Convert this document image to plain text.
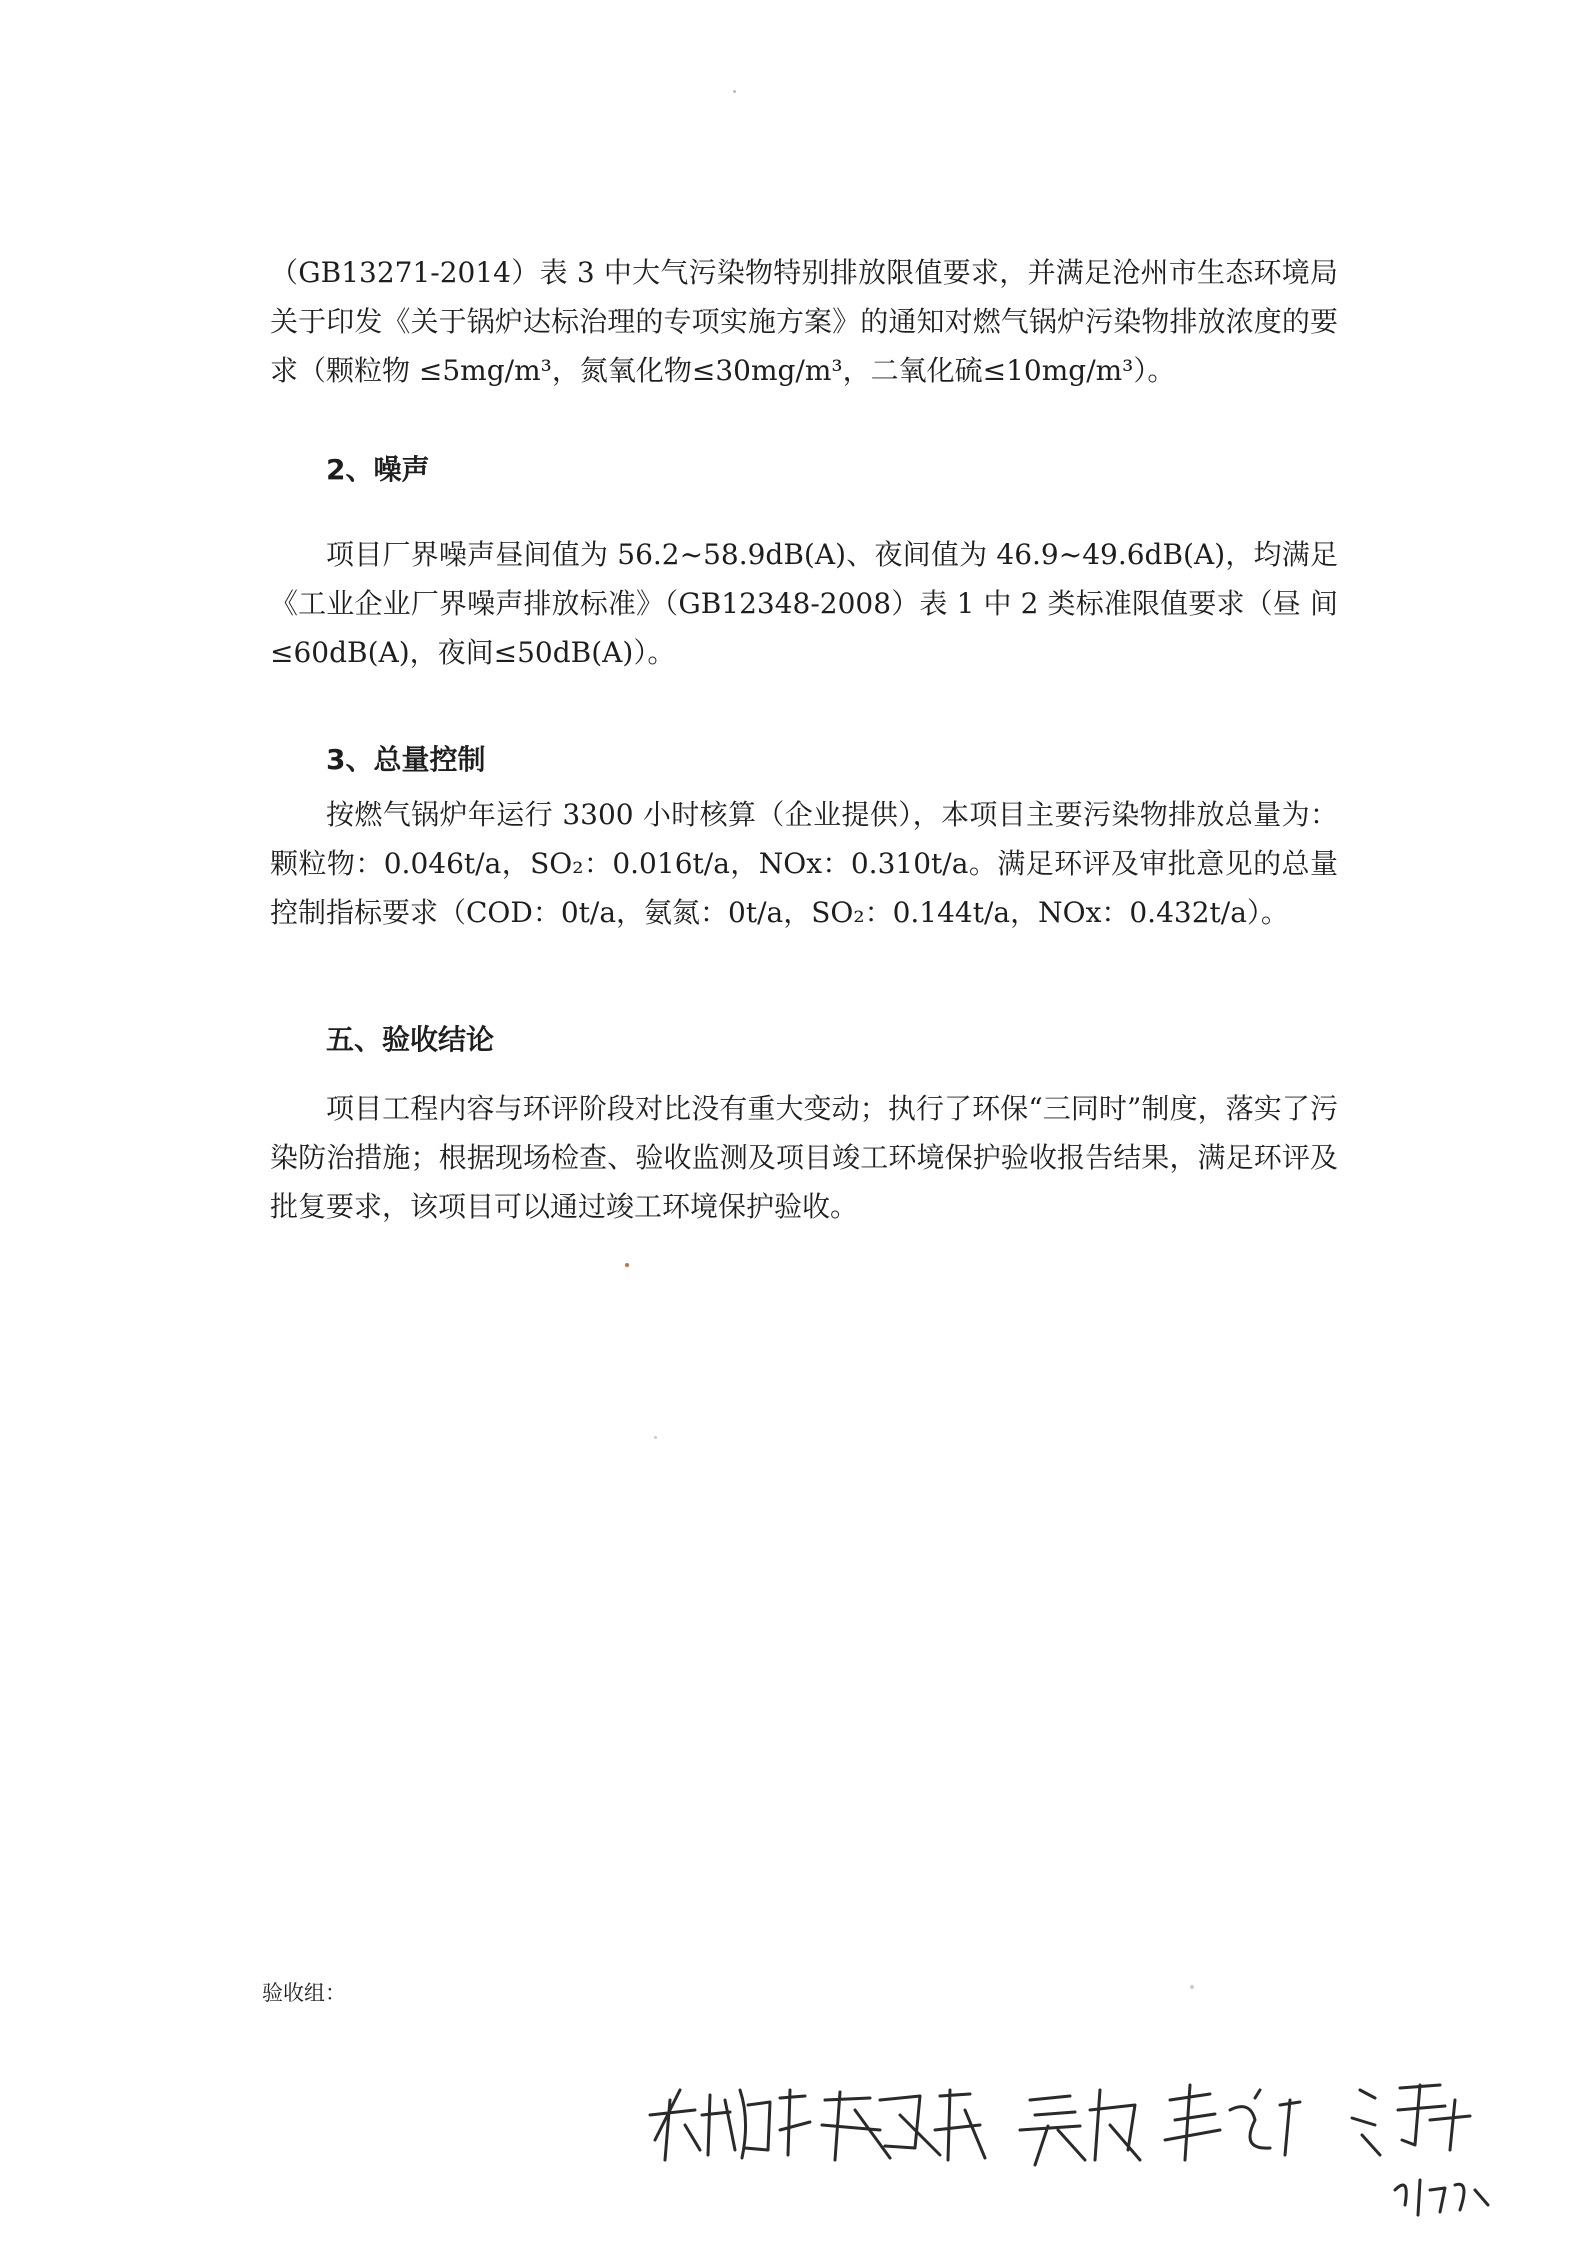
（GB13271-2014）表 3 中大气污染物特别排放限值要求，并满足沧州市生态环境局关于印发《关于锅炉达标治理的专项实施方案》的通知对燃气锅炉污染物排放浓度的要求（颗粒物 ≤5mg/m³，氮氧化物≤30mg/m³，二氧化硫≤10mg/m³）。

2、噪声

项目厂界噪声昼间值为 56.2~58.9dB(A)、夜间值为 46.9~49.6dB(A)，均满足《工业企业厂界噪声排放标准》（GB12348-2008）表 1 中 2 类标准限值要求（昼 间≤60dB(A)，夜间≤50dB(A)）。

3、总量控制

按燃气锅炉年运行 3300 小时核算（企业提供），本项目主要污染物排放总量为：颗粒物：0.046t/a，SO₂：0.016t/a，NOx：0.310t/a。满足环评及审批意见的总量控制指标要求（COD：0t/a，氨氮：0t/a，SO₂：0.144t/a，NOx：0.432t/a）。

五、验收结论

项目工程内容与环评阶段对比没有重大变动；执行了环保“三同时”制度，落实了污染防治措施；根据现场检查、验收监测及项目竣工环境保护验收报告结果，满足环评及批复要求，该项目可以通过竣工环境保护验收。

验收组：
